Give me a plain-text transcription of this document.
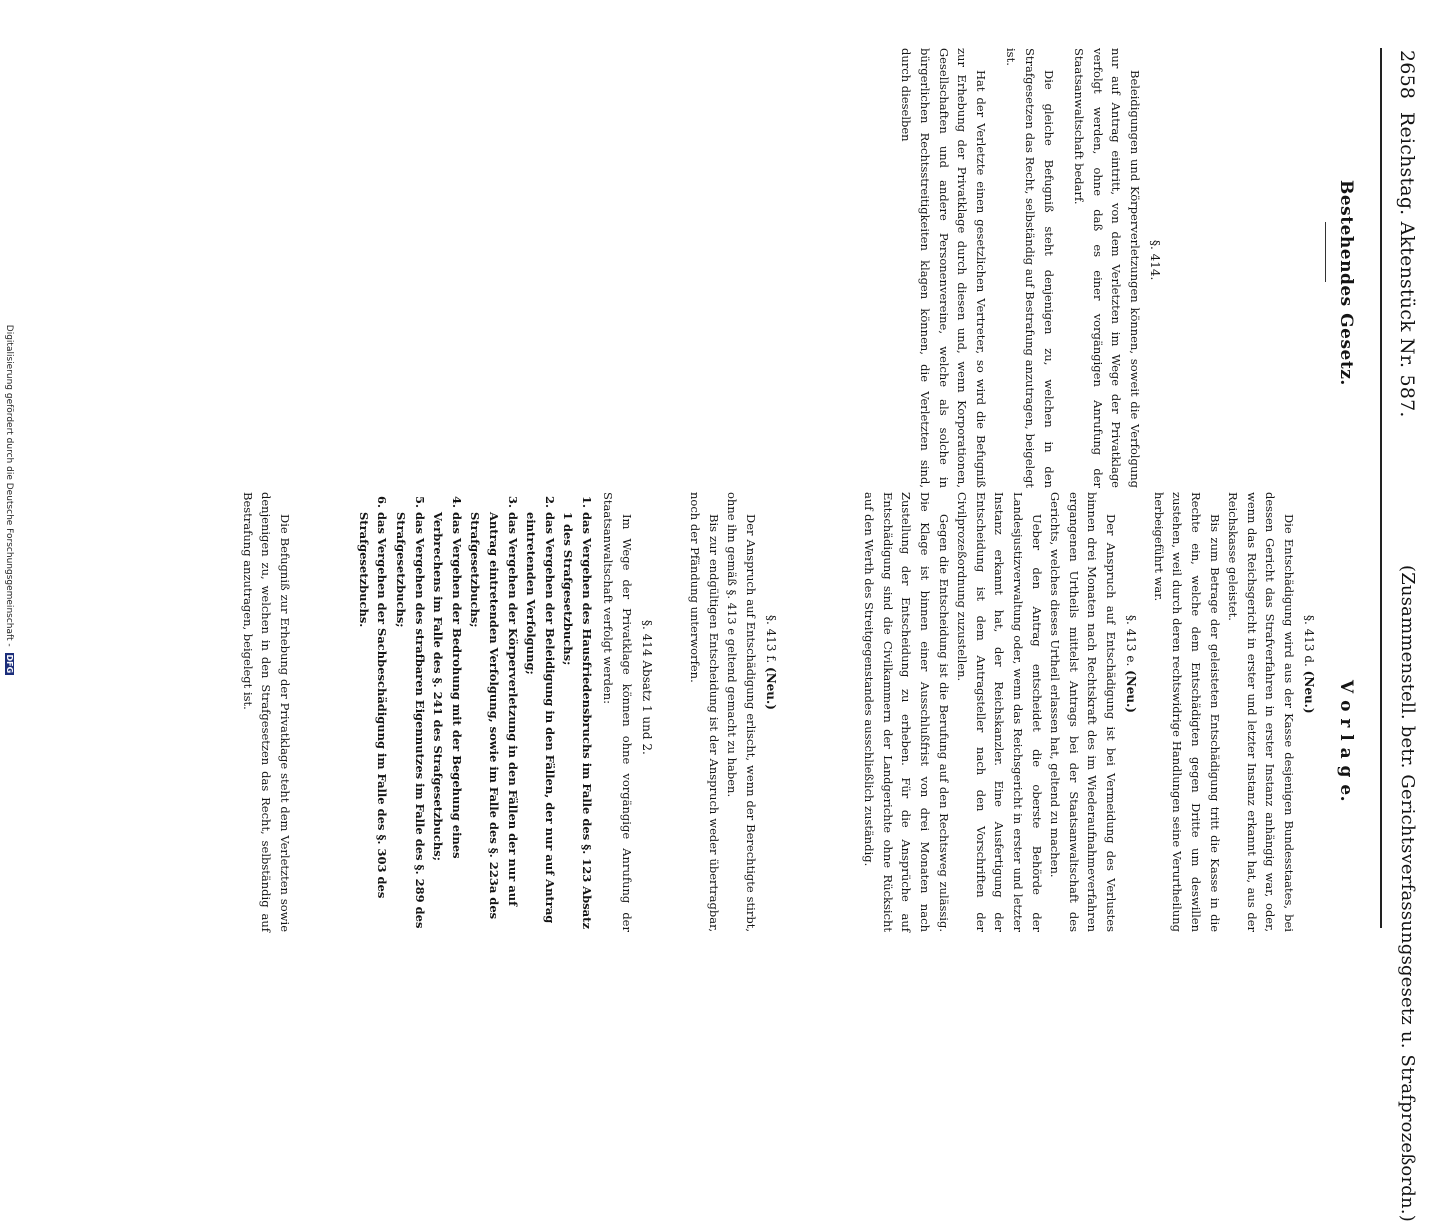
2658
Reichstag. Aktenstück Nr. 587.
(Zusammenstell. betr. Gerichtsverfassungsgesetz u. Strafprozeßordn.)
Bestehendes Gesetz.
V o r l a g e.
§. 414.

Beleidigungen und Körperverletzungen können, soweit die Verfolgung nur auf Antrag eintritt, von dem Verletzten im Wege der Privatklage verfolgt werden, ohne daß es einer vorgängigen Anrufung der Staatsanwaltschaft bedarf.

Die gleiche Befugniß steht denjenigen zu, welchen in den Strafgesetzen das Recht, selbständig auf Bestrafung anzutragen, beigelegt ist.

Hat der Verletzte einen gesetzlichen Vertreter, so wird die Befugniß zur Erhebung der Privatklage durch diesen und, wenn Korporationen, Gesellschaften und andere Personenvereine, welche als solche in bürgerlichen Rechtsstreitigkeiten klagen können, die Verletzten sind, durch dieselben

§. 413 d. (Neu.)

Die Entschädigung wird aus der Kasse desjenigen Bundesstaates, bei dessen Gericht das Strafverfahren in erster Instanz anhängig war, oder, wenn das Reichsgericht in erster und letzter Instanz erkannt hat, aus der Reichskasse geleistet.

Bis zum Betrage der geleisteten Entschädigung tritt die Kasse in die Rechte ein, welche dem Entschädigten gegen Dritte um deswillen zustehen, weil durch deren rechtswidrige Handlungen seine Verurtheilung herbeigeführt war.

§. 413 e. (Neu.)

Der Anspruch auf Entschädigung ist bei Vermeidung des Verlustes binnen drei Monaten nach Rechtskraft des im Wiederaufnahmeverfahren ergangenen Urtheils mittelst Antrags bei der Staatsanwaltschaft des Gerichts, welches dieses Urtheil erlassen hat, geltend zu machen.

Ueber den Antrag entscheidet die oberste Behörde der Landesjustizverwaltung oder, wenn das Reichsgericht in erster und letzter Instanz erkannt hat, der Reichskanzler. Eine Ausfertigung der Entscheidung ist dem Antragsteller nach den Vorschriften der Civilprozeßordnung zuzustellen.

Gegen die Entscheidung ist die Berufung auf den Rechtsweg zulässig. Die Klage ist binnen einer Ausschlußfrist von drei Monaten nach Zustellung der Entscheidung zu erheben. Für die Ansprüche auf Entschädigung sind die Civilkammern der Landgerichte ohne Rücksicht auf den Werth des Streitgegenstandes ausschließlich zuständig.

§. 413 f. (Neu.)

Der Anspruch auf Entschädigung erlischt, wenn der Berechtigte stirbt, ohne ihn gemäß §. 413 e geltend gemacht zu haben.

Bis zur endgültigen Entscheidung ist der Anspruch weder übertragbar, noch der Pfändung unterworfen.

§. 414 Absatz 1 und 2.

Im Wege der Privatklage können ohne vorgängige Anrufung der Staatsanwaltschaft verfolgt werden:

1. das Vergehen des Hausfriedensbruchs im Falle des §. 123 Absatz 1 des Strafgesetzbuchs;
2. das Vergehen der Beleidigung in den Fällen, der nur auf Antrag eintretenden Verfolgung;
3. das Vergehen der Körperverletzung in den Fällen der nur auf Antrag eintretenden Verfolgung, sowie im Falle des §. 223a des Strafgesetzbuchs;
4. das Vergehen der Bedrohung mit der Begehung eines Verbrechens im Falle des §. 241 des Strafgesetzbuchs;
5. das Vergehen des strafbaren Eigennutzes im Falle des §. 289 des Strafgesetzbuchs;
6. das Vergehen der Sachbeschädigung im Falle des §. 303 des Strafgesetzbuchs.

Die Befugniß zur Erhebung der Privatklage steht dem Verletzten sowie denjenigen zu, welchen in den Strafgesetzen das Recht, selbständig auf Bestrafung anzutragen, beigelegt ist.

Digitalisierung gefördert durch die Deutsche Forschungsgemeinschaft - DFG
